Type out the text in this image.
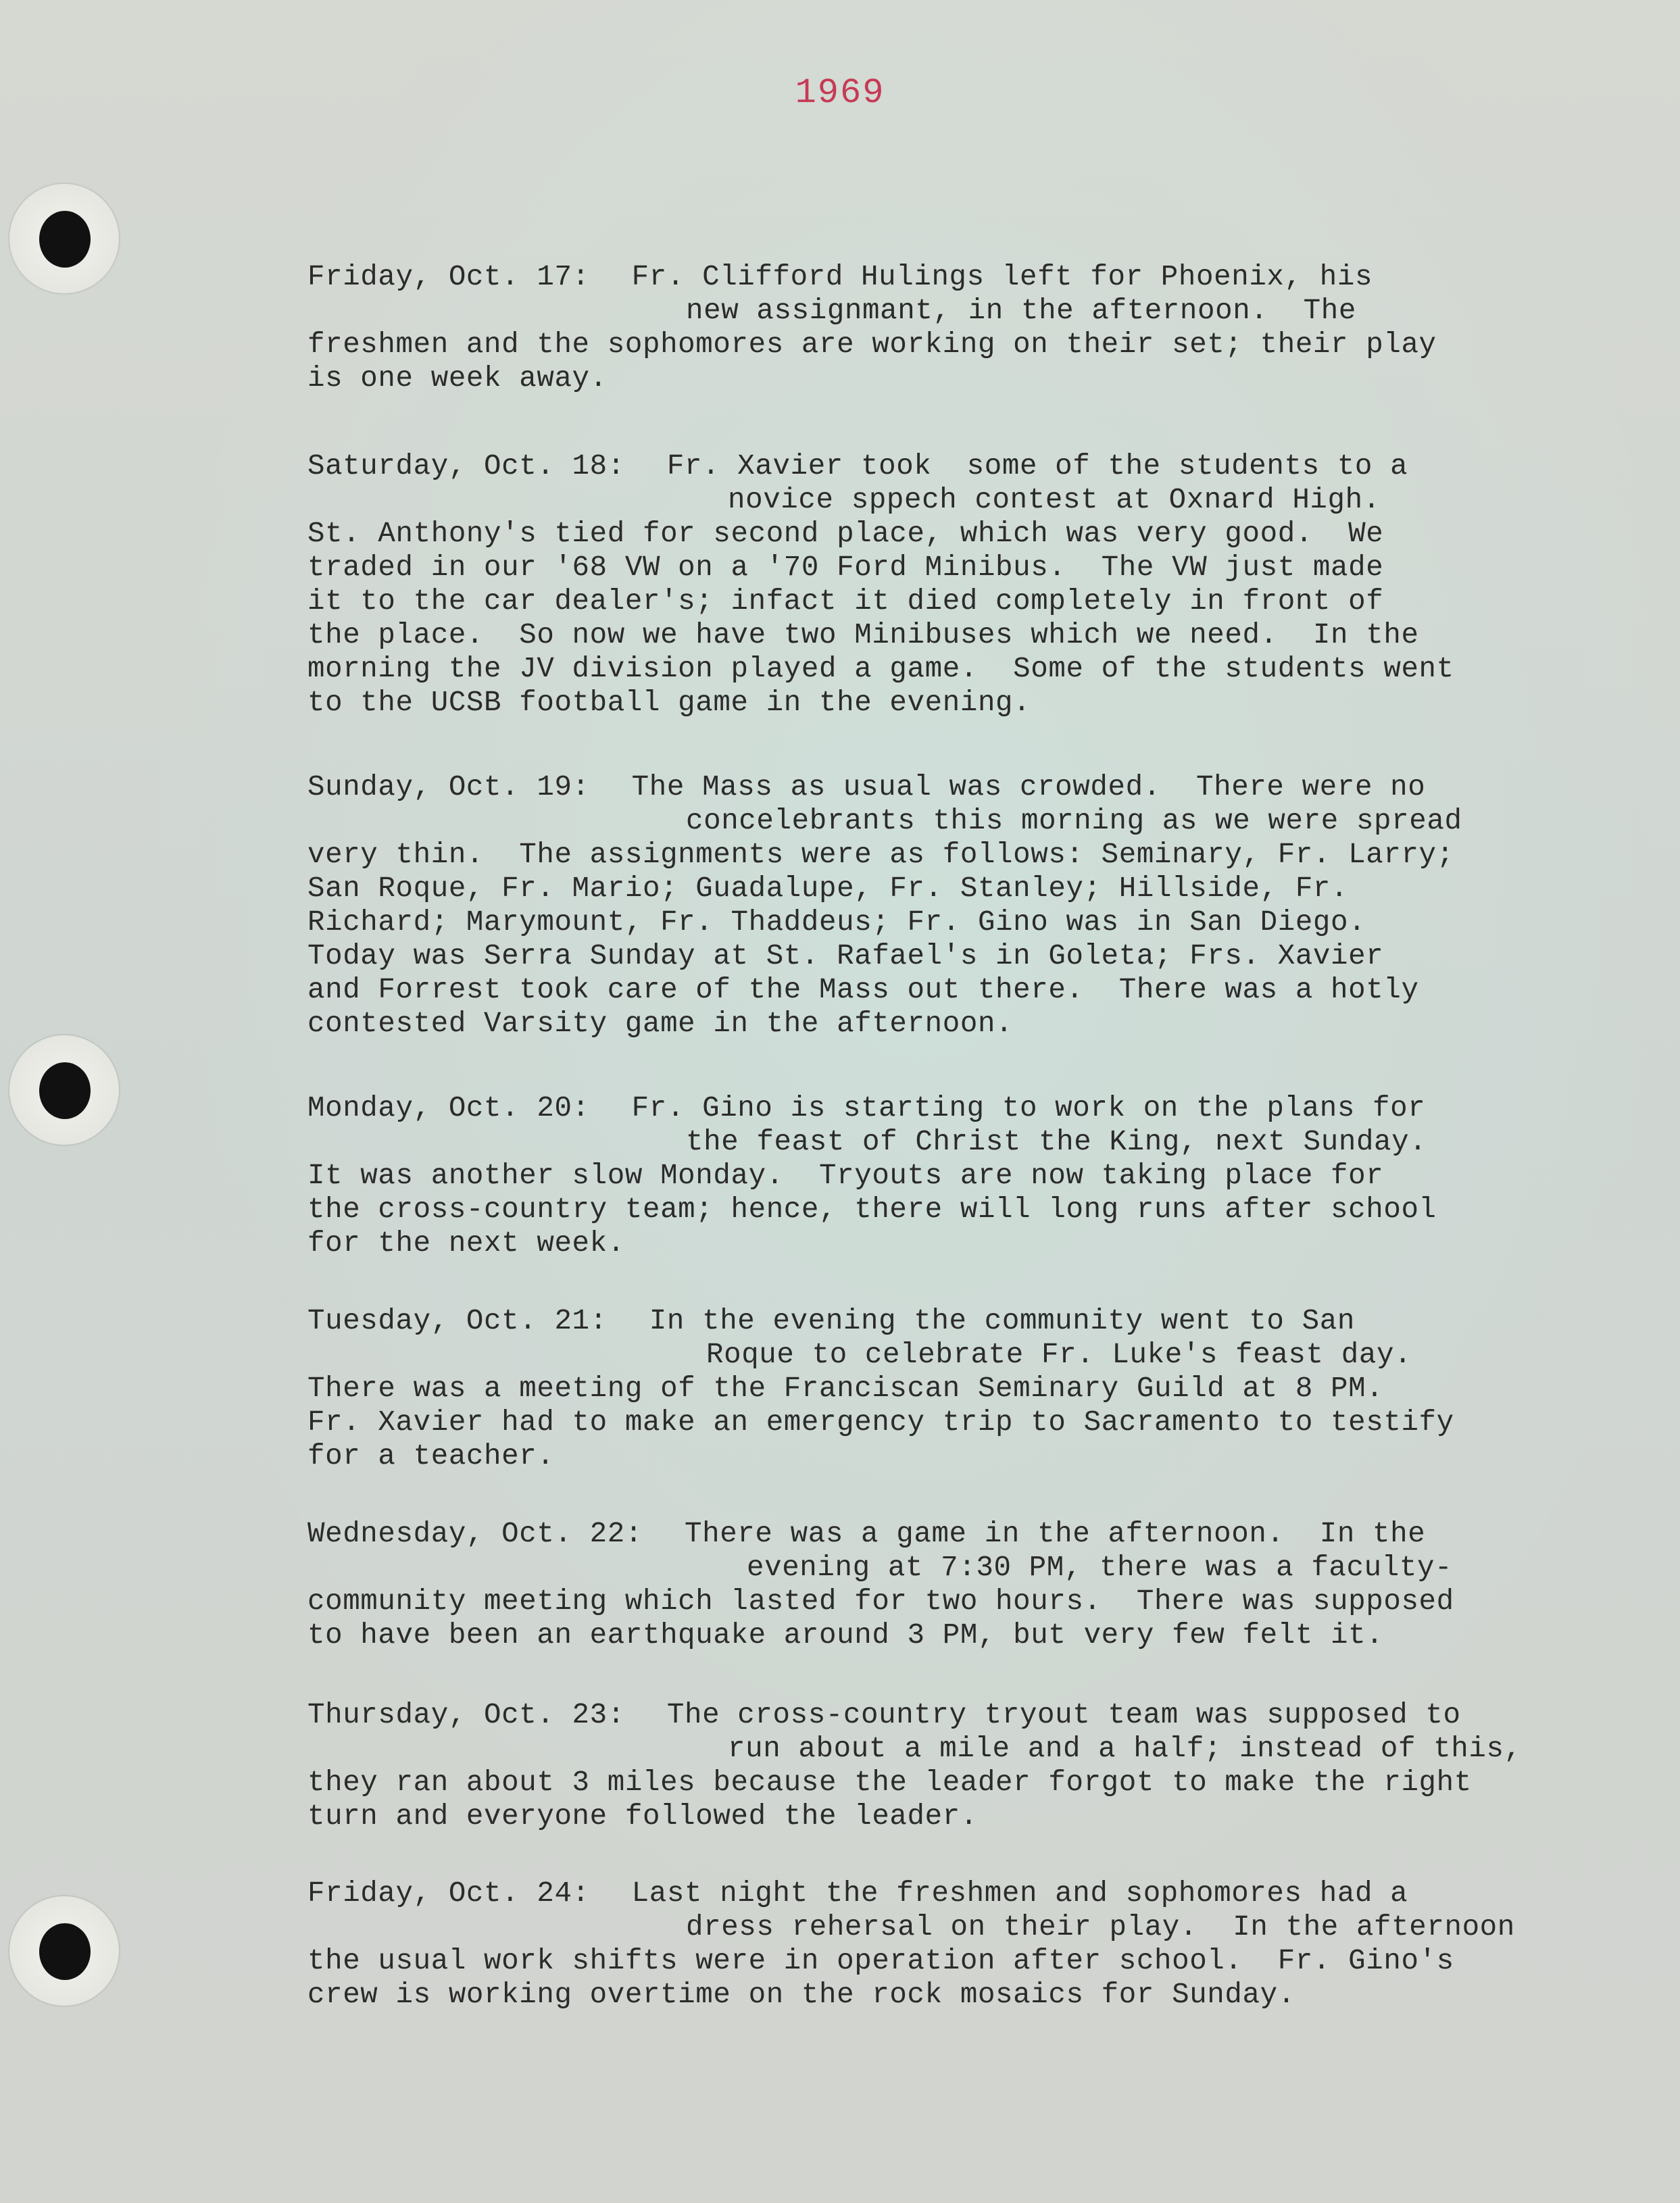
1969
Friday, Oct. 17: Fr. Clifford Hulings left for Phoenix, his
new assignmant, in the afternoon.  The
freshmen and the sophomores are working on their set; their play
is one week away.
Saturday, Oct. 18: Fr. Xavier took  some of the students to a
novice sppech contest at Oxnard High.
St. Anthony's tied for second place, which was very good.  We
traded in our '68 VW on a '70 Ford Minibus.  The VW just made
it to the car dealer's; infact it died completely in front of
the place.  So now we have two Minibuses which we need.  In the
morning the JV division played a game.  Some of the students went
to the UCSB football game in the evening.
Sunday, Oct. 19: The Mass as usual was crowded.  There were no
concelebrants this morning as we were spread
very thin.  The assignments were as follows: Seminary, Fr. Larry;
San Roque, Fr. Mario; Guadalupe, Fr. Stanley; Hillside, Fr.
Richard; Marymount, Fr. Thaddeus; Fr. Gino was in San Diego.
Today was Serra Sunday at St. Rafael's in Goleta; Frs. Xavier
and Forrest took care of the Mass out there.  There was a hotly
contested Varsity game in the afternoon.
Monday, Oct. 20: Fr. Gino is starting to work on the plans for
the feast of Christ the King, next Sunday.
It was another slow Monday.  Tryouts are now taking place for
the cross-country team; hence, there will long runs after school
for the next week.
Tuesday, Oct. 21: In the evening the community went to San
Roque to celebrate Fr. Luke's feast day.
There was a meeting of the Franciscan Seminary Guild at 8 PM.
Fr. Xavier had to make an emergency trip to Sacramento to testify
for a teacher.
Wednesday, Oct. 22: There was a game in the afternoon.  In the
evening at 7:30 PM, there was a faculty-
community meeting which lasted for two hours.  There was supposed
to have been an earthquake around 3 PM, but very few felt it.
Thursday, Oct. 23: The cross-country tryout team was supposed to
run about a mile and a half; instead of this,
they ran about 3 miles because the leader forgot to make the right
turn and everyone followed the leader.
Friday, Oct. 24: Last night the freshmen and sophomores had a
dress rehersal on their play.  In the afternoon
the usual work shifts were in operation after school.  Fr. Gino's
crew is working overtime on the rock mosaics for Sunday.
